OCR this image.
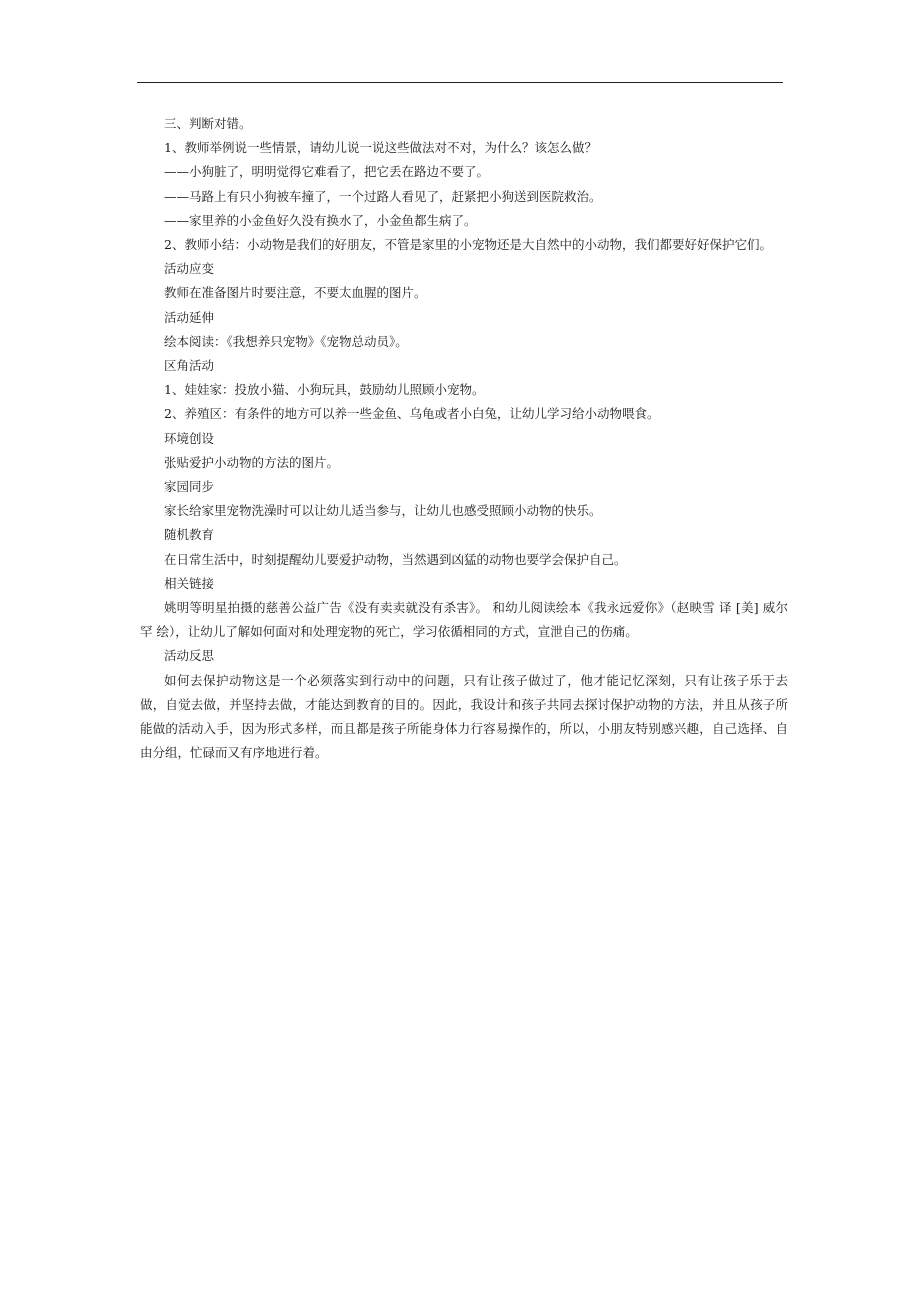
三、判断对错。
1、教师举例说一些情景，请幼儿说一说这些做法对不对，为什么？该怎么做？
——小狗脏了，明明觉得它难看了，把它丢在路边不要了。
——马路上有只小狗被车撞了，一个过路人看见了，赶紧把小狗送到医院救治。
——家里养的小金鱼好久没有换水了，小金鱼都生病了。
2、教师小结：小动物是我们的好朋友，不管是家里的小宠物还是大自然中的小动物，我们都要好好保护它们。
活动应变
教师在准备图片时要注意，不要太血腥的图片。
活动延伸
绘本阅读：《我想养只宠物》《宠物总动员》。
区角活动
1、娃娃家：投放小猫、小狗玩具，鼓励幼儿照顾小宠物。
2、养殖区：有条件的地方可以养一些金鱼、乌龟或者小白兔，让幼儿学习给小动物喂食。
环境创设
张贴爱护小动物的方法的图片。
家园同步
家长给家里宠物洗澡时可以让幼儿适当参与，让幼儿也感受照顾小动物的快乐。
随机教育
在日常生活中，时刻提醒幼儿要爱护动物，当然遇到凶猛的动物也要学会保护自己。
相关链接
姚明等明星拍摄的慈善公益广告《没有卖卖就没有杀害》。 和幼儿阅读绘本《我永远爱你》（赵映雪 译 [美] 威尔罕 绘），让幼儿了解如何面对和处理宠物的死亡，学习依循相同的方式，宣泄自己的伤痛。
活动反思
如何去保护动物这是一个必须落实到行动中的问题，只有让孩子做过了，他才能记忆深刻，只有让孩子乐于去做，自觉去做，并坚持去做，才能达到教育的目的。因此，我设计和孩子共同去探讨保护动物的方法，并且从孩子所能做的活动入手，因为形式多样，而且都是孩子所能身体力行容易操作的，所以，小朋友特别感兴趣，自己选择、自由分组，忙碌而又有序地进行着。
